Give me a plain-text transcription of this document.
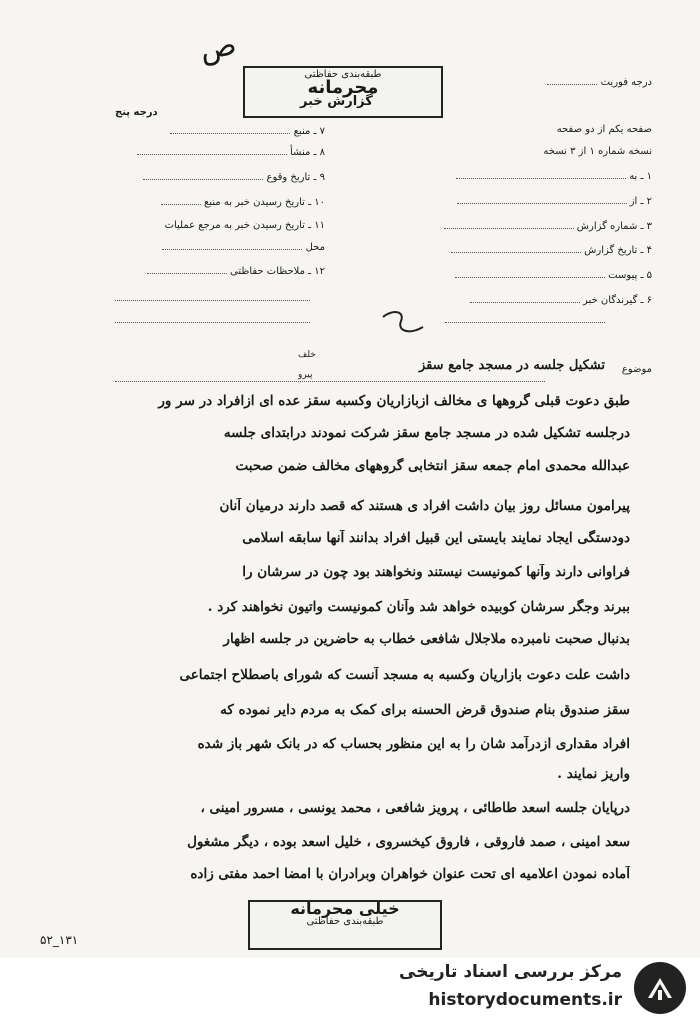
ص
طبقه‌بندی حفاظتی
محرمانه
گزارش خبر
درجه فوریت
درجه پنج
۷ ـ منبع
۸ ـ منشأ
۹ ـ تاریخ وقوع
۱۰ ـ تاریخ رسیدن خبر به منبع
۱۱ ـ تاریخ رسیدن خبر به مرجع عملیات
محل
۱۲ ـ ملاحظات حفاظتی
صفحه یکم از دو صفحه
نسخه شماره ۱ از ۳ نسخه
۱ ـ به
۲ ـ از
۳ ـ شماره گزارش
۴ ـ تاریخ گزارش
۵ ـ پیوست
۶ ـ گیرندگان خبر
موضوع
تشکیل جلسه در مسجد جامع سقز
خلف
پیرو
طبق دعوت قبلی گروهها ی مخالف ازبازاریان وکسبه سقز عده ای ازافراد در سر ور
درجلسه تشکیل شده در مسجد جامع سقز شرکت نمودند درابتدای جلسه
عبدالله محمدی امام جمعه سقز انتخابی گروههای مخالف ضمن صحبت
پیرامون مسائل روز بیان داشت افراد ی هستند که قصد دارند درمیان آنان
دودستگی ایجاد نمایند بایستی این قبیل افراد بدانند آنها سابقه اسلامی
فراوانی دارند وآنها کمونیست نیستند ونخواهند بود چون در سرشان را
ببرند وجگر سرشان کوبیده خواهد شد وآنان کمونیست واتیون نخواهند کرد .
بدنبال صحبت نامبرده ملاجلال شافعی خطاب به حاضرین در جلسه اظهار
داشت علت دعوت بازاریان وکسبه به مسجد آنست که شورای باصطلاح اجتماعی
سقز صندوق بنام صندوق قرض الحسنه برای کمک به مردم دایر نموده که
افراد مقداری ازدرآمد شان را به این منظور بحساب که در بانک شهر باز شده
واریز نمایند .
درپایان جلسه اسعد طاطائی ، پرویز شافعی ، محمد یونسی ، مسرور امینی ،
سعد امینی ، صمد فاروقی ، فاروق کیخسروی ، خلیل اسعد بوده ، دیگر مشغول
آماده نمودن اعلامیه ای تحت عنوان خواهران وبرادران با امضا احمد مفتی زاده
خیلی محرمانه
طبقه‌بندی حفاظتی
۵۲_۱۳۱
مرکز بررسی اسناد تاریخی
historydocuments.ir
